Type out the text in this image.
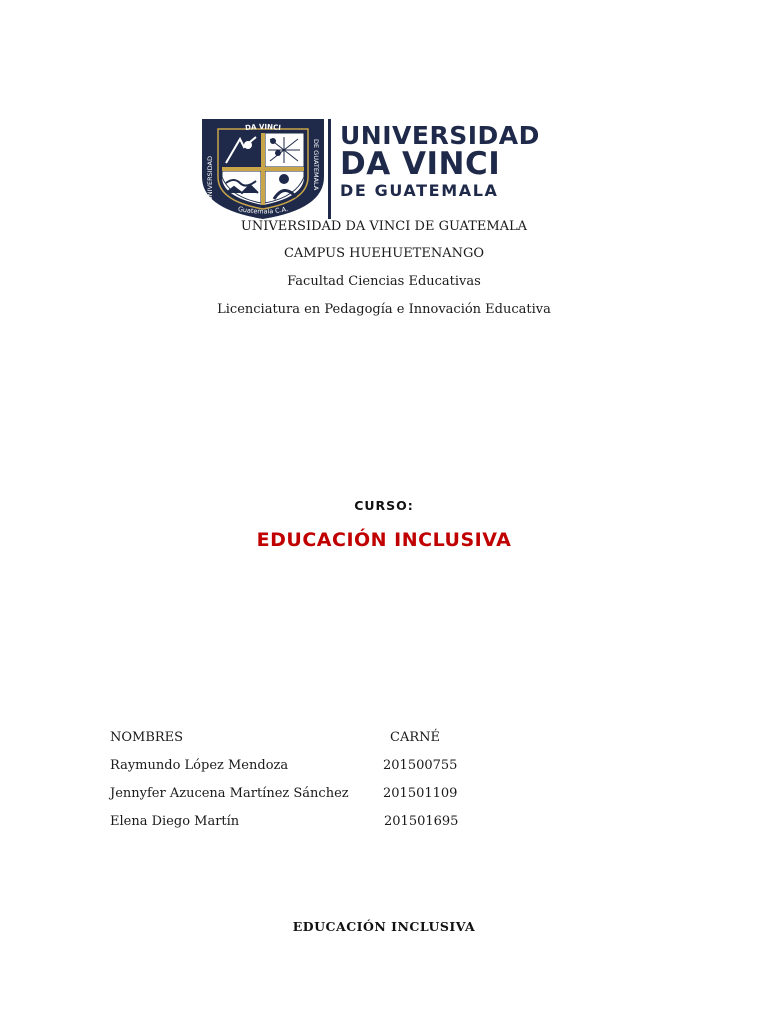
DA VINCI
UNIVERSIDAD	DE GUATEMALA
Guatemala C.A.
UNIVERSIDAD
DA VINCI
DE GUATEMALA
UNIVERSIDAD DA VINCI DE GUATEMALA
CAMPUS HUEHUETENANGO
Facultad Ciencias Educativas
Licenciatura en Pedagogía e Innovación Educativa
CURSO:
EDUCACIÓN INCLUSIVA
NOMBRES	CARNÉ
Raymundo López Mendoza	201500755
Jennyfer Azucena Martínez Sánchez	201501109
Elena Diego Martín	201501695
EDUCACIÓN INCLUSIVA
